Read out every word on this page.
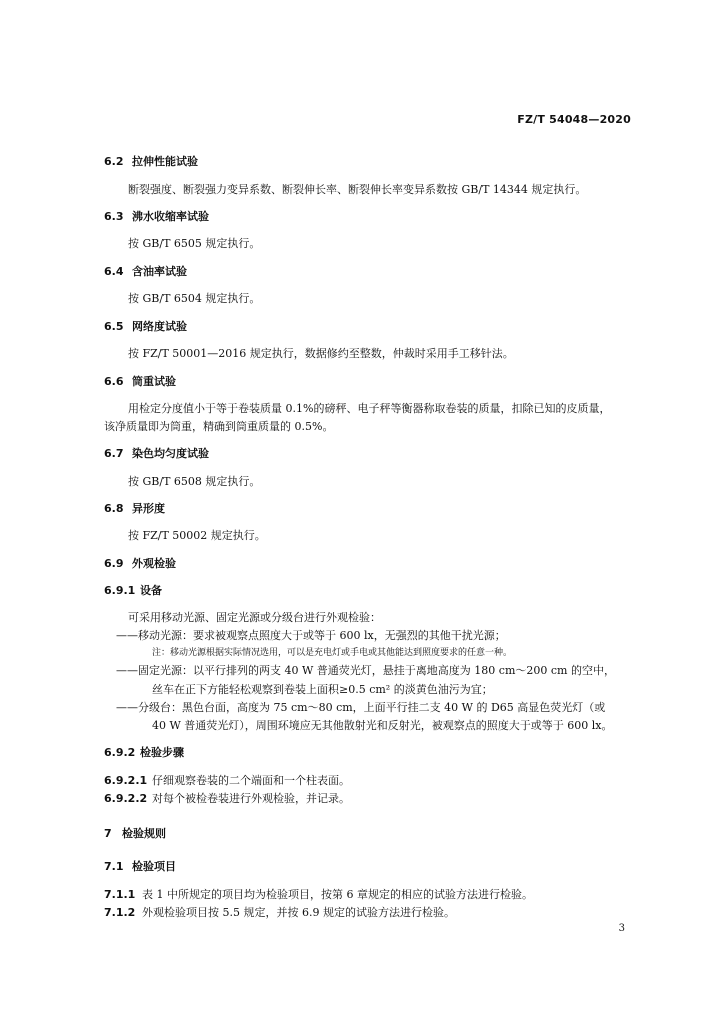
FZ/T 54048—2020
6.2 拉伸性能试验
断裂强度、断裂强力变异系数、断裂伸长率、断裂伸长率变异系数按 GB/T 14344 规定执行。
6.3 沸水收缩率试验
按 GB/T 6505 规定执行。
6.4 含油率试验
按 GB/T 6504 规定执行。
6.5 网络度试验
按 FZ/T 50001—2016 规定执行，数据修约至整数，仲裁时采用手工移针法。
6.6 筒重试验
用检定分度值小于等于卷装质量 0.1%的磅秤、电子秤等衡器称取卷装的质量，扣除已知的皮质量，
该净质量即为筒重，精确到筒重质量的 0.5%。
6.7 染色均匀度试验
按 GB/T 6508 规定执行。
6.8 异形度
按 FZ/T 50002 规定执行。
6.9 外观检验
6.9.1 设备
可采用移动光源、固定光源或分级台进行外观检验：
——移动光源：要求被观察点照度大于或等于 600 lx，无强烈的其他干扰光源；
注：移动光源根据实际情况选用，可以是充电灯或手电或其他能达到照度要求的任意一种。
——固定光源：以平行排列的两支 40 W 普通荧光灯，悬挂于离地高度为 180 cm～200 cm 的空中，
丝车在正下方能轻松观察到卷装上面积≥0.5 cm² 的淡黄色油污为宜；
——分级台：黑色台面，高度为 75 cm～80 cm，上面平行挂二支 40 W 的 D65 高显色荧光灯（或
40 W 普通荧光灯），周围环境应无其他散射光和反射光，被观察点的照度大于或等于 600 lx。
6.9.2 检验步骤
6.9.2.1 仔细观察卷装的二个端面和一个柱表面。
6.9.2.2 对每个被检卷装进行外观检验，并记录。
7 检验规则
7.1 检验项目
7.1.1 表 1 中所规定的项目均为检验项目，按第 6 章规定的相应的试验方法进行检验。
7.1.2 外观检验项目按 5.5 规定，并按 6.9 规定的试验方法进行检验。
3
